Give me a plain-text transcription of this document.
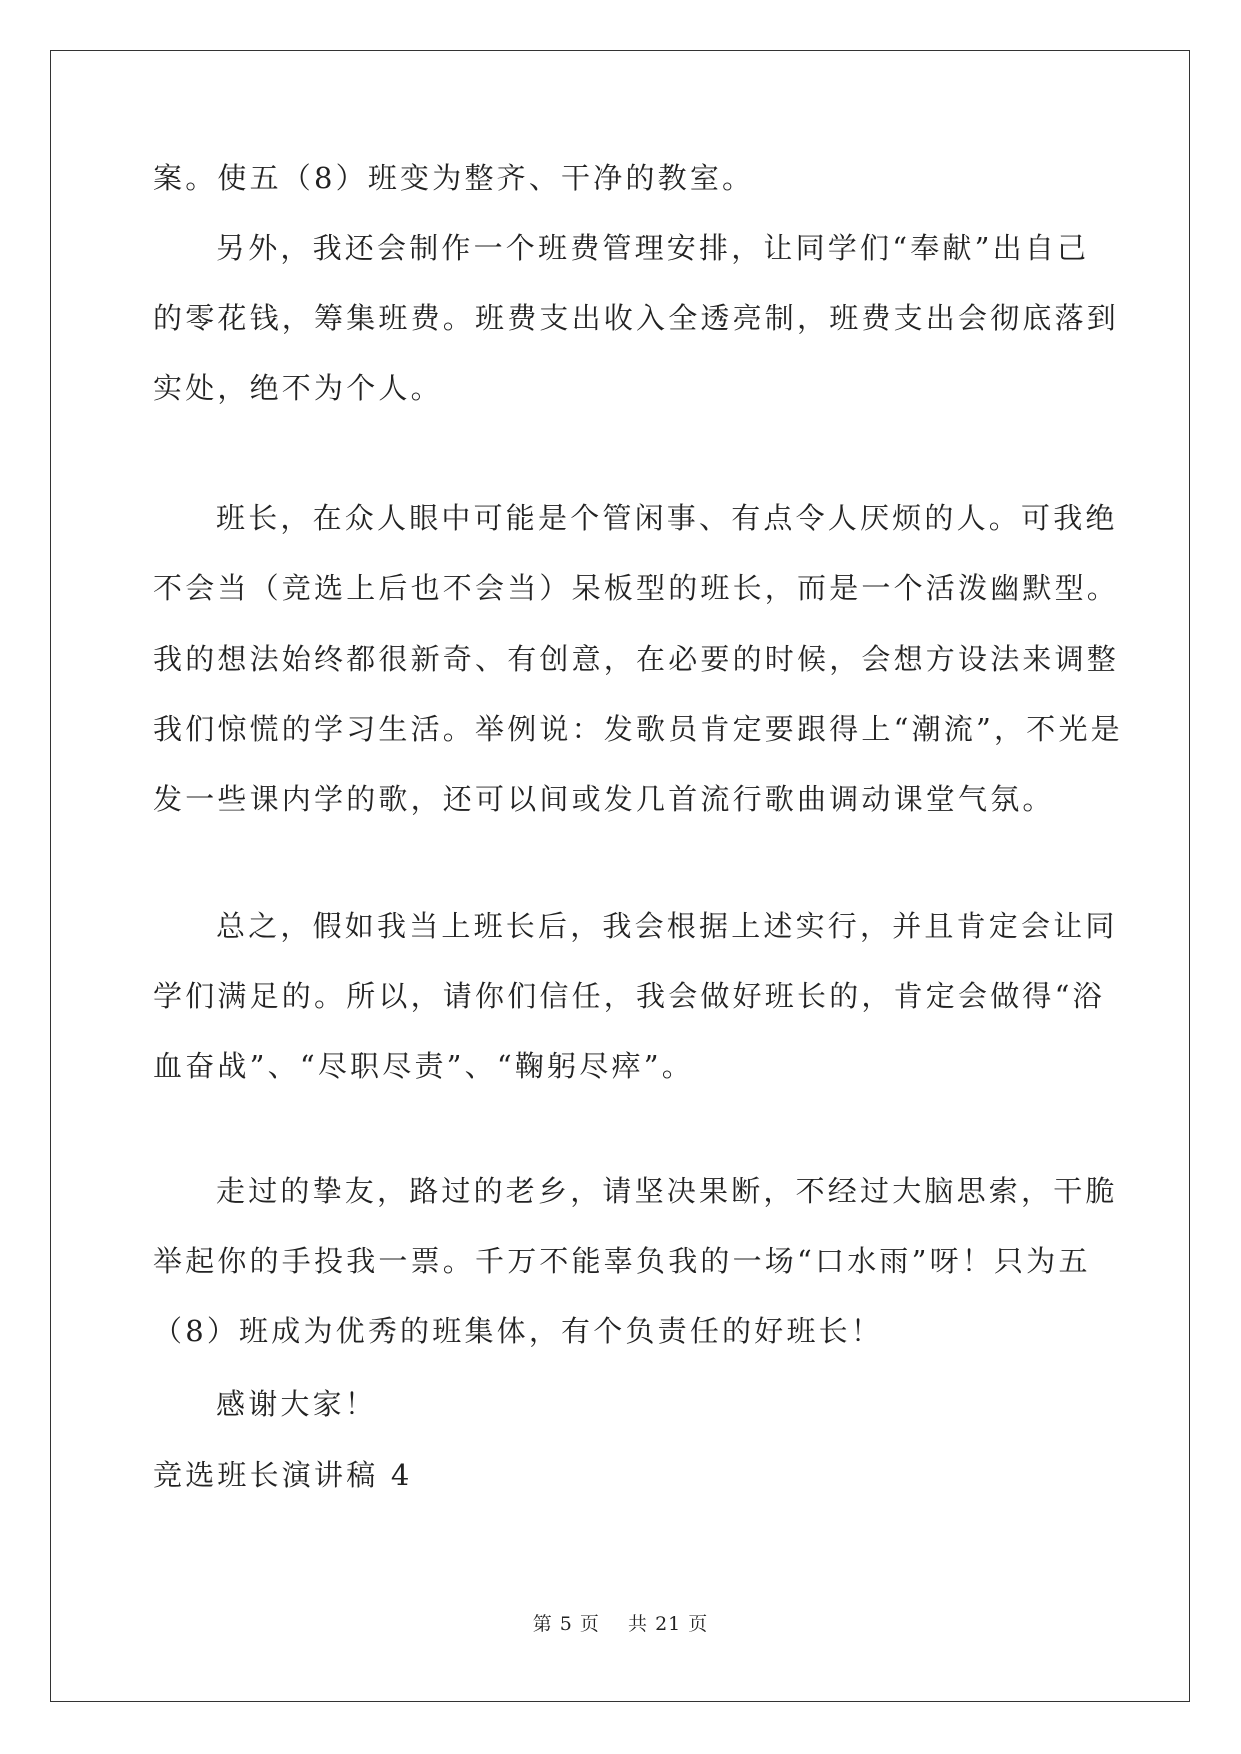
案。使五（8）班变为整齐、干净的教室。
另外，我还会制作一个班费管理安排，让同学们“奉献”出自己
的零花钱，筹集班费。班费支出收入全透亮制，班费支出会彻底落到
实处，绝不为个人。
班长，在众人眼中可能是个管闲事、有点令人厌烦的人。可我绝
不会当（竞选上后也不会当）呆板型的班长，而是一个活泼幽默型。
我的想法始终都很新奇、有创意，在必要的时候，会想方设法来调整
我们惊慌的学习生活。举例说：发歌员肯定要跟得上“潮流”，不光是
发一些课内学的歌，还可以间或发几首流行歌曲调动课堂气氛。
总之，假如我当上班长后，我会根据上述实行，并且肯定会让同
学们满足的。所以，请你们信任，我会做好班长的，肯定会做得“浴
血奋战”、“尽职尽责”、“鞠躬尽瘁”。
走过的挚友，路过的老乡，请坚决果断，不经过大脑思索，干脆
举起你的手投我一票。千万不能辜负我的一场“口水雨”呀！只为五
（8）班成为优秀的班集体，有个负责任的好班长！
感谢大家！
竞选班长演讲稿 4
第 5 页    共 21 页
